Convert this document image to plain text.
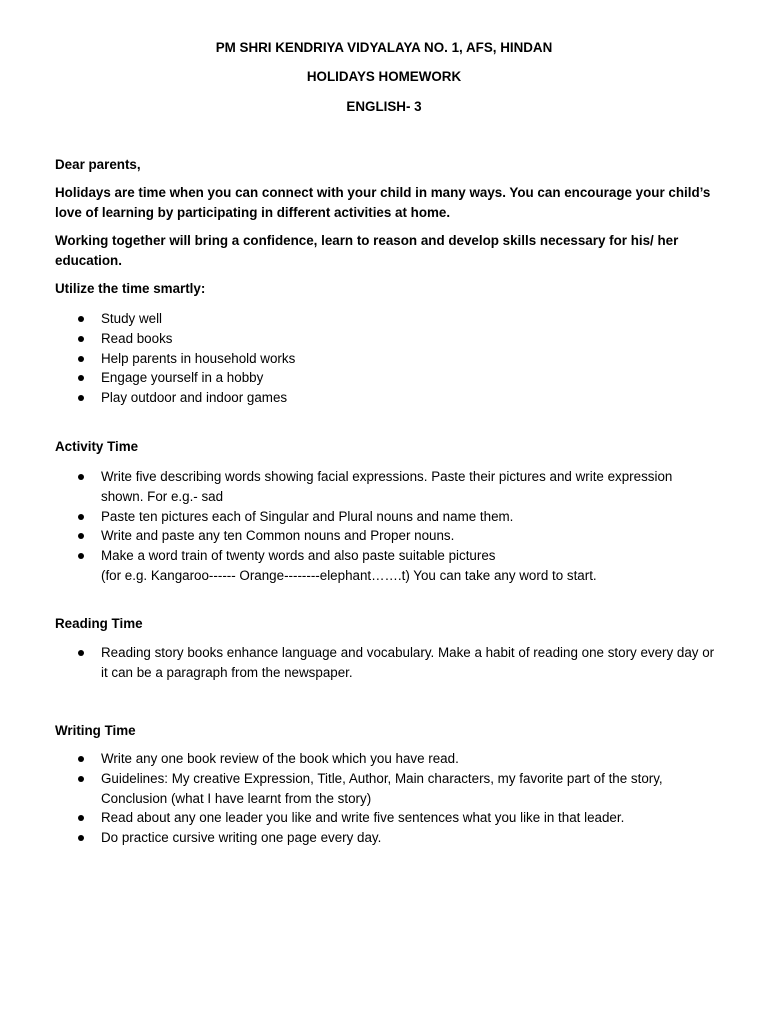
PM SHRI KENDRIYA VIDYALAYA NO. 1, AFS, HINDAN
HOLIDAYS HOMEWORK
ENGLISH- 3
Dear parents,
Holidays are time when you can connect with your child in many ways. You can encourage your child’s love of learning by participating in different activities at home.
Working together will bring a confidence, learn to reason and develop skills necessary for his/ her education.
Utilize the time smartly:
Study well
Read books
Help parents in household works
Engage yourself in a hobby
Play outdoor and indoor games
Activity Time
Write five describing words showing facial expressions. Paste their pictures and write expression shown. For e.g.- sad
Paste ten pictures each of Singular and Plural nouns and name them.
Write and paste any ten Common nouns and Proper nouns.
Make a word train of twenty words and also paste suitable pictures
(for e.g. Kangaroo------ Orange--------elephant…….t) You can take any word to start.
Reading Time
Reading story books enhance language and vocabulary. Make a habit of reading one story every day or it can be a paragraph from the newspaper.
Writing Time
Write any one book review of the book which you have read.
Guidelines: My creative Expression, Title, Author, Main characters, my favorite part of the story, Conclusion (what I have learnt from the story)
Read about any one leader you like and write five sentences what you like in that leader.
Do practice cursive writing one page every day.
